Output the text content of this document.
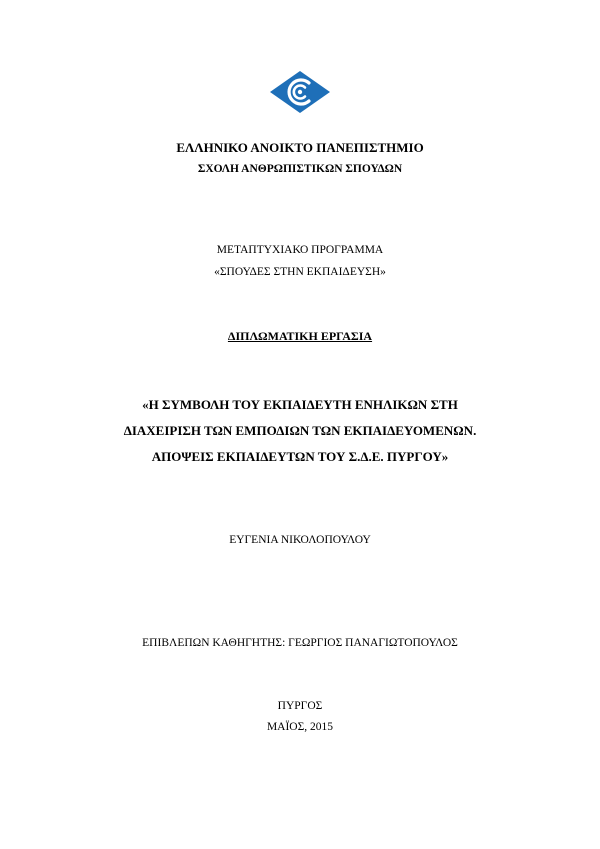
ΕΛΛΗΝΙΚΟ ΑΝΟΙΚΤΟ ΠΑΝΕΠΙΣΤΗΜΙΟ
ΣΧΟΛΗ ΑΝΘΡΩΠΙΣΤΙΚΩΝ ΣΠΟΥΔΩΝ
ΜΕΤΑΠΤΥΧΙΑΚΟ ΠΡΟΓΡΑΜΜΑ
«ΣΠΟΥΔΕΣ ΣΤΗΝ ΕΚΠΑΙΔΕΥΣΗ»
ΔΙΠΛΩΜΑΤΙΚΗ ΕΡΓΑΣΙΑ
«Η ΣΥΜΒΟΛΗ ΤΟΥ ΕΚΠΑΙΔΕΥΤΗ ΕΝΗΛΙΚΩΝ ΣΤΗ
ΔΙΑΧΕΙΡΙΣΗ ΤΩΝ ΕΜΠΟΔΙΩΝ ΤΩΝ ΕΚΠΑΙΔΕΥΟΜΕΝΩΝ.
ΑΠΟΨΕΙΣ ΕΚΠΑΙΔΕΥΤΩΝ ΤΟΥ Σ.Δ.Ε. ΠΥΡΓΟΥ»
ΕΥΓΕΝΙΑ ΝΙΚΟΛΟΠΟΥΛΟΥ
ΕΠΙΒΛΕΠΩΝ ΚΑΘΗΓΗΤΗΣ: ΓΕΩΡΓΙΟΣ ΠΑΝΑΓΙΩΤΟΠΟΥΛΟΣ
ΠΥΡΓΟΣ
ΜΑΪΟΣ, 2015
